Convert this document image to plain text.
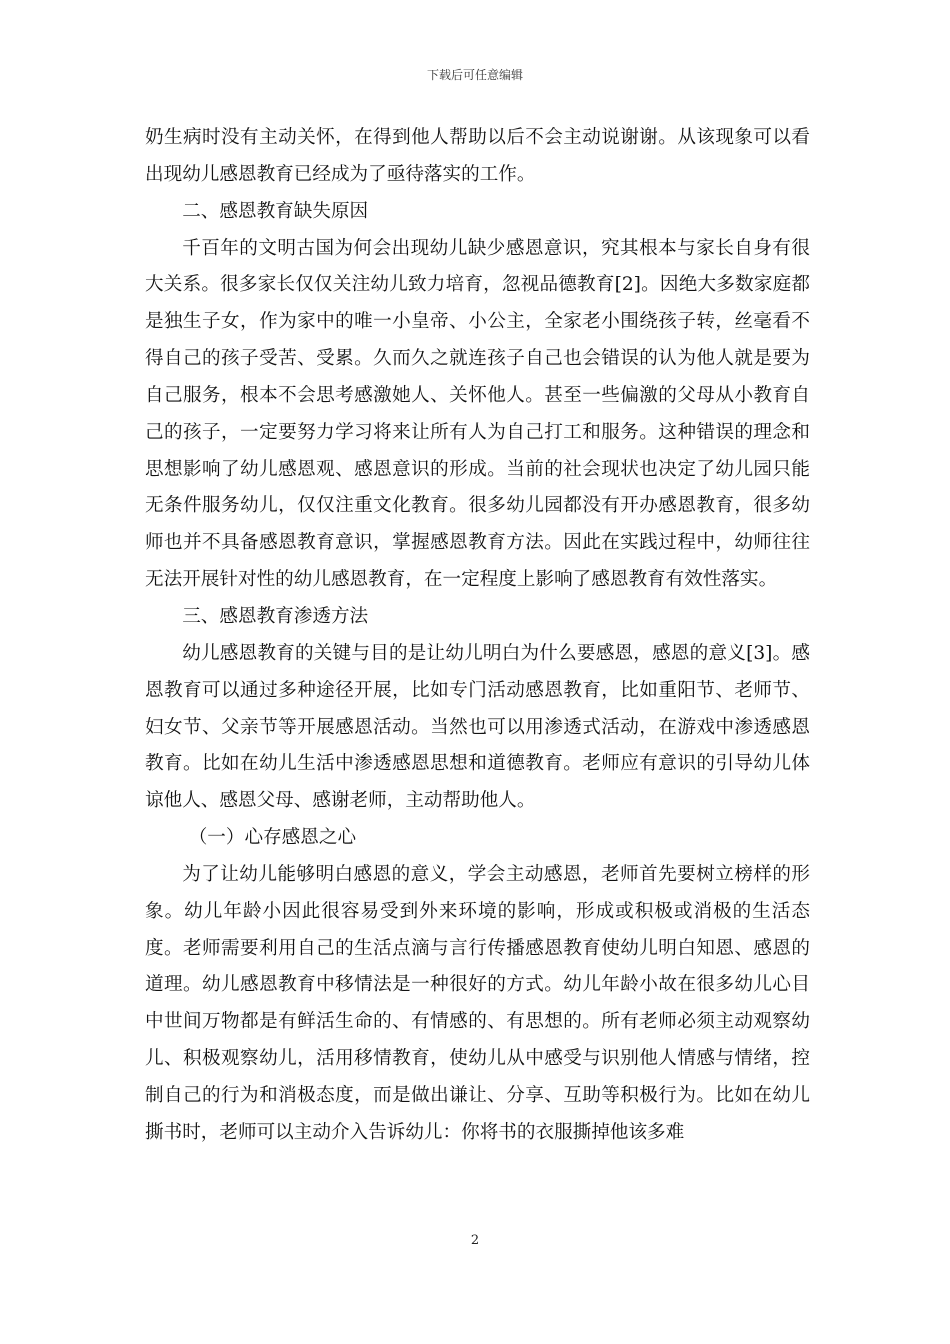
下载后可任意编辑

奶生病时没有主动关怀，在得到他人帮助以后不会主动说谢谢。从该现象可以看出现幼儿感恩教育已经成为了亟待落实的工作。

二、感恩教育缺失原因

千百年的文明古国为何会出现幼儿缺少感恩意识，究其根本与家长自身有很大关系。很多家长仅仅关注幼儿致力培育，忽视品德教育[2]。因绝大多数家庭都是独生子女，作为家中的唯一小皇帝、小公主，全家老小围绕孩子转，丝毫看不得自己的孩子受苦、受累。久而久之就连孩子自己也会错误的认为他人就是要为自己服务，根本不会思考感激她人、关怀他人。甚至一些偏激的父母从小教育自己的孩子，一定要努力学习将来让所有人为自己打工和服务。这种错误的理念和思想影响了幼儿感恩观、感恩意识的形成。当前的社会现状也决定了幼儿园只能无条件服务幼儿，仅仅注重文化教育。很多幼儿园都没有开办感恩教育，很多幼师也并不具备感恩教育意识，掌握感恩教育方法。因此在实践过程中，幼师往往无法开展针对性的幼儿感恩教育，在一定程度上影响了感恩教育有效性落实。

三、感恩教育渗透方法

幼儿感恩教育的关键与目的是让幼儿明白为什么要感恩，感恩的意义[3]。感恩教育可以通过多种途径开展，比如专门活动感恩教育，比如重阳节、老师节、妇女节、父亲节等开展感恩活动。当然也可以用渗透式活动，在游戏中渗透感恩教育。比如在幼儿生活中渗透感恩思想和道德教育。老师应有意识的引导幼儿体谅他人、感恩父母、感谢老师，主动帮助他人。

（一）心存感恩之心

为了让幼儿能够明白感恩的意义，学会主动感恩，老师首先要树立榜样的形象。幼儿年龄小因此很容易受到外来环境的影响，形成或积极或消极的生活态度。老师需要利用自己的生活点滴与言行传播感恩教育使幼儿明白知恩、感恩的道理。幼儿感恩教育中移情法是一种很好的方式。幼儿年龄小故在很多幼儿心目中世间万物都是有鲜活生命的、有情感的、有思想的。所有老师必须主动观察幼儿、积极观察幼儿，活用移情教育，使幼儿从中感受与识别他人情感与情绪，控制自己的行为和消极态度，而是做出谦让、分享、互助等积极行为。比如在幼儿撕书时，老师可以主动介入告诉幼儿：你将书的衣服撕掉他该多难

2
